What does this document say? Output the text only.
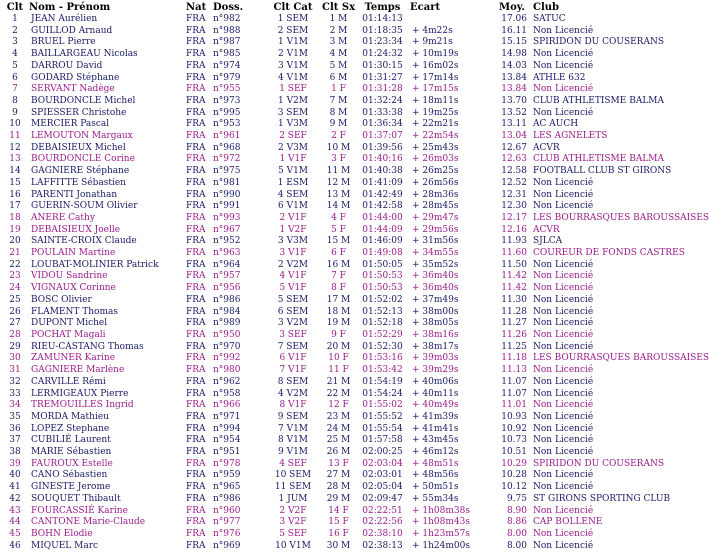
Clt	Nom - Prénom	Nat	Doss.	Clt Cat	Clt Sx	Temps	Ecart	Moy.	Club
1	JEAN Aurélien	FRA	n°982	1 SEM	1 M	01:14:13		17.06	SATUC
2	GUILLOD Arnaud	FRA	n°988	2 SEM	2 M	01:18:35	+ 4m22s	16.11	Non Licencié
3	BRUEL Pierre	FRA	n°987	1 V1M	3 M	01:23:34	+ 9m21s	15.15	SPIRIDON DU COUSERANS
4	BAILLARGEAU Nicolas	FRA	n°985	2 V1M	4 M	01:24:32	+ 10m19s	14.98	Non Licencié
5	DARROU David	FRA	n°974	3 V1M	5 M	01:30:15	+ 16m02s	14.03	Non Licencié
6	GODARD Stéphane	FRA	n°979	4 V1M	6 M	01:31:27	+ 17m14s	13.84	ATHLE 632
7	SERVANT Nadège	FRA	n°955	1 SEF	1 F	01:31:28	+ 17m15s	13.84	Non Licencié
8	BOURDONCLE Michel	FRA	n°973	1 V2M	7 M	01:32:24	+ 18m11s	13.70	CLUB ATHLETISME BALMA
9	SPIESSER Christohe	FRA	n°995	3 SEM	8 M	01:33:38	+ 19m25s	13.52	Non Licencié
10	MERCIER Pascal	FRA	n°953	1 V3M	9 M	01:36:34	+ 22m21s	13.11	AC AUCH
11	LEMOUTON Margaux	FRA	n°961	2 SEF	2 F	01:37:07	+ 22m54s	13.04	LES AGNELETS
12	DEBAISIEUX Michel	FRA	n°968	2 V3M	10 M	01:39:56	+ 25m43s	12.67	ACVR
13	BOURDONCLE Corine	FRA	n°972	1 V1F	3 F	01:40:16	+ 26m03s	12.63	CLUB ATHLETISME BALMA
14	GAGNIERE Stéphane	FRA	n°975	5 V1M	11 M	01:40:38	+ 26m25s	12.58	FOOTBALL CLUB ST GIRONS
15	LAFFITTE Sébastien	FRA	n°981	1 ESM	12 M	01:41:09	+ 26m56s	12.52	Non Licencié
16	PARENTI Jonathan	FRA	n°990	4 SEM	13 M	01:42:49	+ 28m36s	12.31	Non Licencié
17	GUERIN-SOUM Olivier	FRA	n°991	6 V1M	14 M	01:42:58	+ 28m45s	12.30	Non Licencié
18	ANERE Cathy	FRA	n°993	2 V1F	4 F	01:44:00	+ 29m47s	12.17	LES BOURRASQUES BAROUSSAISES
19	DEBAISIEUX Joelle	FRA	n°967	1 V2F	5 F	01:44:09	+ 29m56s	12.16	ACVR
20	SAINTE-CROIX Claude	FRA	n°952	3 V3M	15 M	01:46:09	+ 31m56s	11.93	SJLCA
21	POULAIN Martine	FRA	n°963	3 V1F	6 F	01:49:08	+ 34m55s	11.60	COUREUR DE FONDS CASTRES
22	LOUBAT-MOLINIER Patrick	FRA	n°964	2 V2M	16 M	01:50:05	+ 35m52s	11.50	Non Licencié
23	VIDOU Sandrine	FRA	n°957	4 V1F	7 F	01:50:53	+ 36m40s	11.42	Non Licencié
24	VIGNAUX Corinne	FRA	n°956	5 V1F	8 F	01:50:53	+ 36m40s	11.42	Non Licencié
25	BOSC Olivier	FRA	n°986	5 SEM	17 M	01:52:02	+ 37m49s	11.30	Non Licencié
26	FLAMENT Thomas	FRA	n°984	6 SEM	18 M	01:52:13	+ 38m00s	11.28	Non Licencié
27	DUPONT Michel	FRA	n°989	3 V2M	19 M	01:52:18	+ 38m05s	11.27	Non Licencié
28	POCHAT Magali	FRA	n°950	3 SEF	9 F	01:52:29	+ 38m16s	11.26	Non Licencié
29	RIEU-CASTANG Thomas	FRA	n°970	7 SEM	20 M	01:52:30	+ 38m17s	11.25	Non Licencié
30	ZAMUNER Karine	FRA	n°992	6 V1F	10 F	01:53:16	+ 39m03s	11.18	LES BOURRASQUES BAROUSSAISES
31	GAGNIERE Marlène	FRA	n°980	7 V1F	11 F	01:53:42	+ 39m29s	11.13	Non Licencié
32	CARVILLE Rémi	FRA	n°962	8 SEM	21 M	01:54:19	+ 40m06s	11.07	Non Licencié
33	LERMIGEAUX Pierre	FRA	n°958	4 V2M	22 M	01:54:24	+ 40m11s	11.07	Non Licencié
34	TREMOUILLES Ingrid	FRA	n°966	8 V1F	12 F	01:55:02	+ 40m49s	11.01	Non Licencié
35	MORDA Mathieu	FRA	n°971	9 SEM	23 M	01:55:52	+ 41m39s	10.93	Non Licencié
36	LOPEZ Stephane	FRA	n°994	7 V1M	24 M	01:55:54	+ 41m41s	10.92	Non Licencié
37	CUBILIÉ Laurent	FRA	n°954	8 V1M	25 M	01:57:58	+ 43m45s	10.73	Non Licencié
38	MARIE Sébastien	FRA	n°951	9 V1M	26 M	02:00:25	+ 46m12s	10.51	Non Licencié
39	FAUROUX Estelle	FRA	n°978	4 SEF	13 F	02:03:04	+ 48m51s	10.29	SPIRIDON DU COUSERANS
40	CANO Sébastien	FRA	n°959	10 SEM	27 M	02:03:01	+ 48m56s	10.28	Non Licencié
41	GINESTE Jerome	FRA	n°965	11 SEM	28 M	02:05:04	+ 50m51s	10.12	Non Licencié
42	SOUQUET Thibault	FRA	n°986	1 JUM	29 M	02:09:47	+ 55m34s	9.75	ST GIRONS SPORTING CLUB
43	FOURCASSIÉ Karine	FRA	n°960	2 V2F	14 F	02:22:51	+ 1h08m38s	8.90	Non Licencié
44	CANTONE Marie-Claude	FRA	n°977	3 V2F	15 F	02:22:56	+ 1h08m43s	8.86	CAP BOLLENE
45	BOHN Elodie	FRA	n°976	5 SEF	16 F	02:38:10	+ 1h23m57s	8.00	Non Licencié
46	MIQUEL Marc	FRA	n°969	10 V1M	30 M	02:38:13	+ 1h24m00s	8.00	Non Licencié
